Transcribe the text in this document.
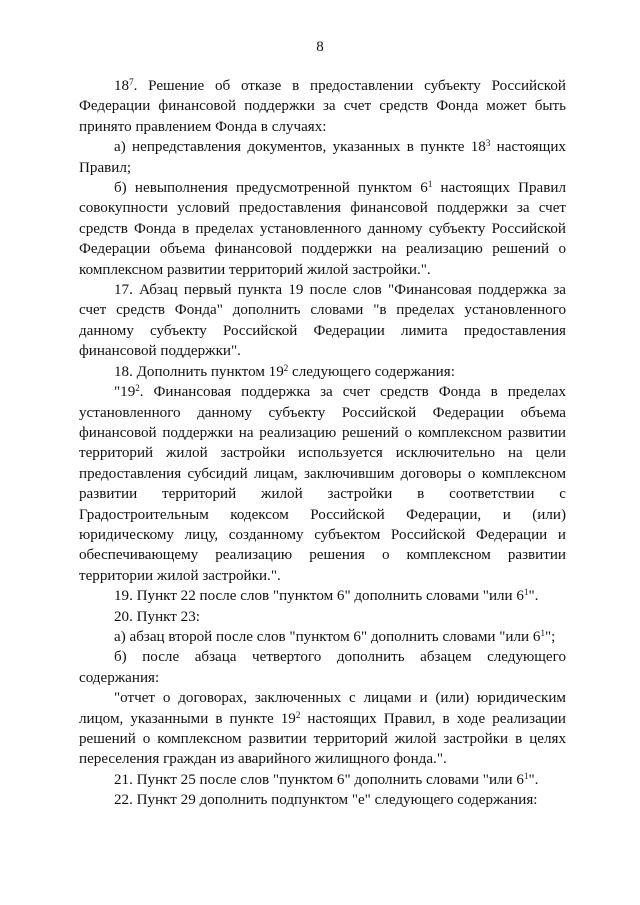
8

$18^7$. Решение об отказе в предоставлении субъекту Российской Федерации финансовой поддержки за счет средств Фонда может быть принято правлением Фонда в случаях:

а) непредставления документов, указанных в пункте $18^3$ настоящих Правил;

б) невыполнения предусмотренной пунктом $6^1$ настоящих Правил совокупности условий предоставления финансовой поддержки за счет средств Фонда в пределах установленного данному субъекту Российской Федерации объема финансовой поддержки на реализацию решений о комплексном развитии территорий жилой застройки.".

17. Абзац первый пункта 19 после слов "Финансовая поддержка за счет средств Фонда" дополнить словами "в пределах установленного данному субъекту Российской Федерации лимита предоставления финансовой поддержки".

18. Дополнить пунктом $19^2$ следующего содержания:

"$19^2$. Финансовая поддержка за счет средств Фонда в пределах установленного данному субъекту Российской Федерации объема финансовой поддержки на реализацию решений о комплексном развитии территорий жилой застройки используется исключительно на цели предоставления субсидий лицам, заключившим договоры о комплексном развитии территорий жилой застройки в соответствии с Градостроительным кодексом Российской Федерации, и (или) юридическому лицу, созданному субъектом Российской Федерации и обеспечивающему реализацию решения о комплексном развитии территории жилой застройки.".

19. Пункт 22 после слов "пунктом 6" дополнить словами "или $6^1$".

20. Пункт 23:

а) абзац второй после слов "пунктом 6" дополнить словами "или $6^1$";

б) после абзаца четвертого дополнить абзацем следующего содержания:

"отчет о договорах, заключенных с лицами и (или) юридическим лицом, указанными в пункте $19^2$ настоящих Правил, в ходе реализации решений о комплексном развитии территорий жилой застройки в целях переселения граждан из аварийного жилищного фонда.".

21. Пункт 25 после слов "пунктом 6" дополнить словами "или $6^1$".

22. Пункт 29 дополнить подпунктом "е" следующего содержания:
